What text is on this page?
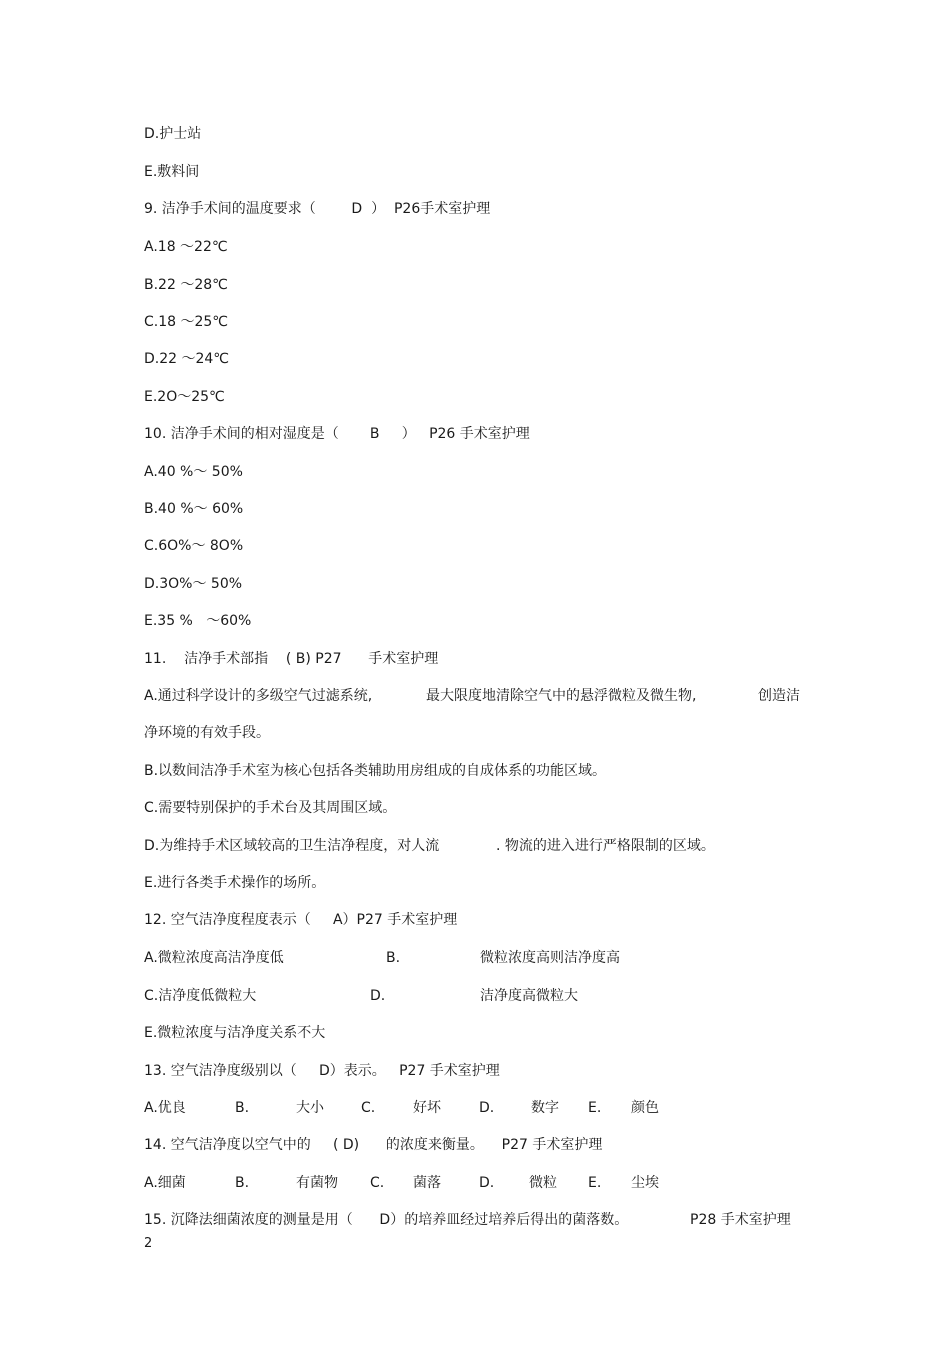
D.护士站
E.敷料间
9. 洁净手术间的温度要求（        D  ）  P26手术室护理
A.18 ～22℃
B.22 ～28℃
C.18 ～25℃
D.22 ～24℃
E.2O～25℃
10. 洁净手术间的相对湿度是（       B     ）   P26 手术室护理
A.40 %～ 50%
B.40 %～ 60%
C.6O%～ 8O%
D.3O%～ 50%
E.35 %   ～60%
11.    洁净手术部指    ( B) P27      手术室护理
A.通过科学设计的多级空气过滤系统,	最大限度地清除空气中的悬浮微粒及微生物,	创造洁
净环境的有效手段。
B.以数间洁净手术室为核心包括各类辅助用房组成的自成体系的功能区域。
C.需要特别保护的手术台及其周围区域。
D.为维持手术区域较高的卫生洁净程度，对人流	. 物流的进入进行严格限制的区域。
E.进行各类手术操作的场所。
12. 空气洁净度程度表示（     A）P27 手术室护理
A.微粒浓度高洁净度低	B.	微粒浓度高则洁净度高
C.洁净度低微粒大	D.	洁净度高微粒大
E.微粒浓度与洁净度关系不大
13. 空气洁净度级别以（     D）表示。   P27 手术室护理
A.优良	B.	大小	C.	好坏	D.	数字 E. 颜色
14. 空气洁净度以空气中的     ( D)      的浓度来衡量。    P27 手术室护理
A.细菌	B.	有菌物 C. 菌落	D. 微粒 E. 尘埃
15. 沉降法细菌浓度的测量是用（      D）的培养皿经过培养后得出的菌落数。	P28 手术室护理
2
